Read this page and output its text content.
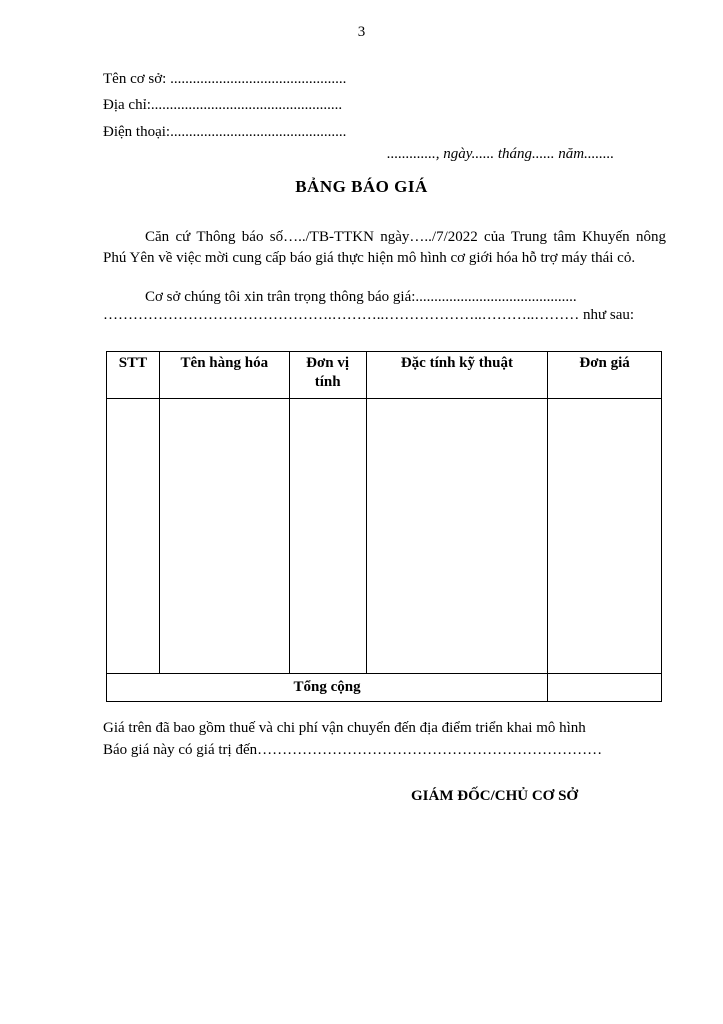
3
Tên cơ sở: ...............................................
Địa chỉ:...................................................
Điện thoại:...............................................
............., ngày...... tháng...... năm........
BẢNG BÁO GIÁ
Căn cứ Thông báo số…../TB-TTKN ngày…../7/2022 của Trung tâm Khuyến nông Phú Yên về việc mời cung cấp báo giá thực hiện mô hình cơ giới hóa hỗ trợ máy thái cỏ.
Cơ sở chúng tôi xin trân trọng thông báo giá:...........................................
……………………………………….………..………………..………..……… như sau:
STT	Tên hàng hóa	Đơn vị tính	Đặc tính kỹ thuật	Đơn giá

Tổng cộng				
Giá trên đã bao gồm thuế và chi phí vận chuyển đến địa điểm triển khai mô hình
Báo giá này có giá trị đến……………………………………………………………
GIÁM ĐỐC/CHỦ CƠ SỞ
